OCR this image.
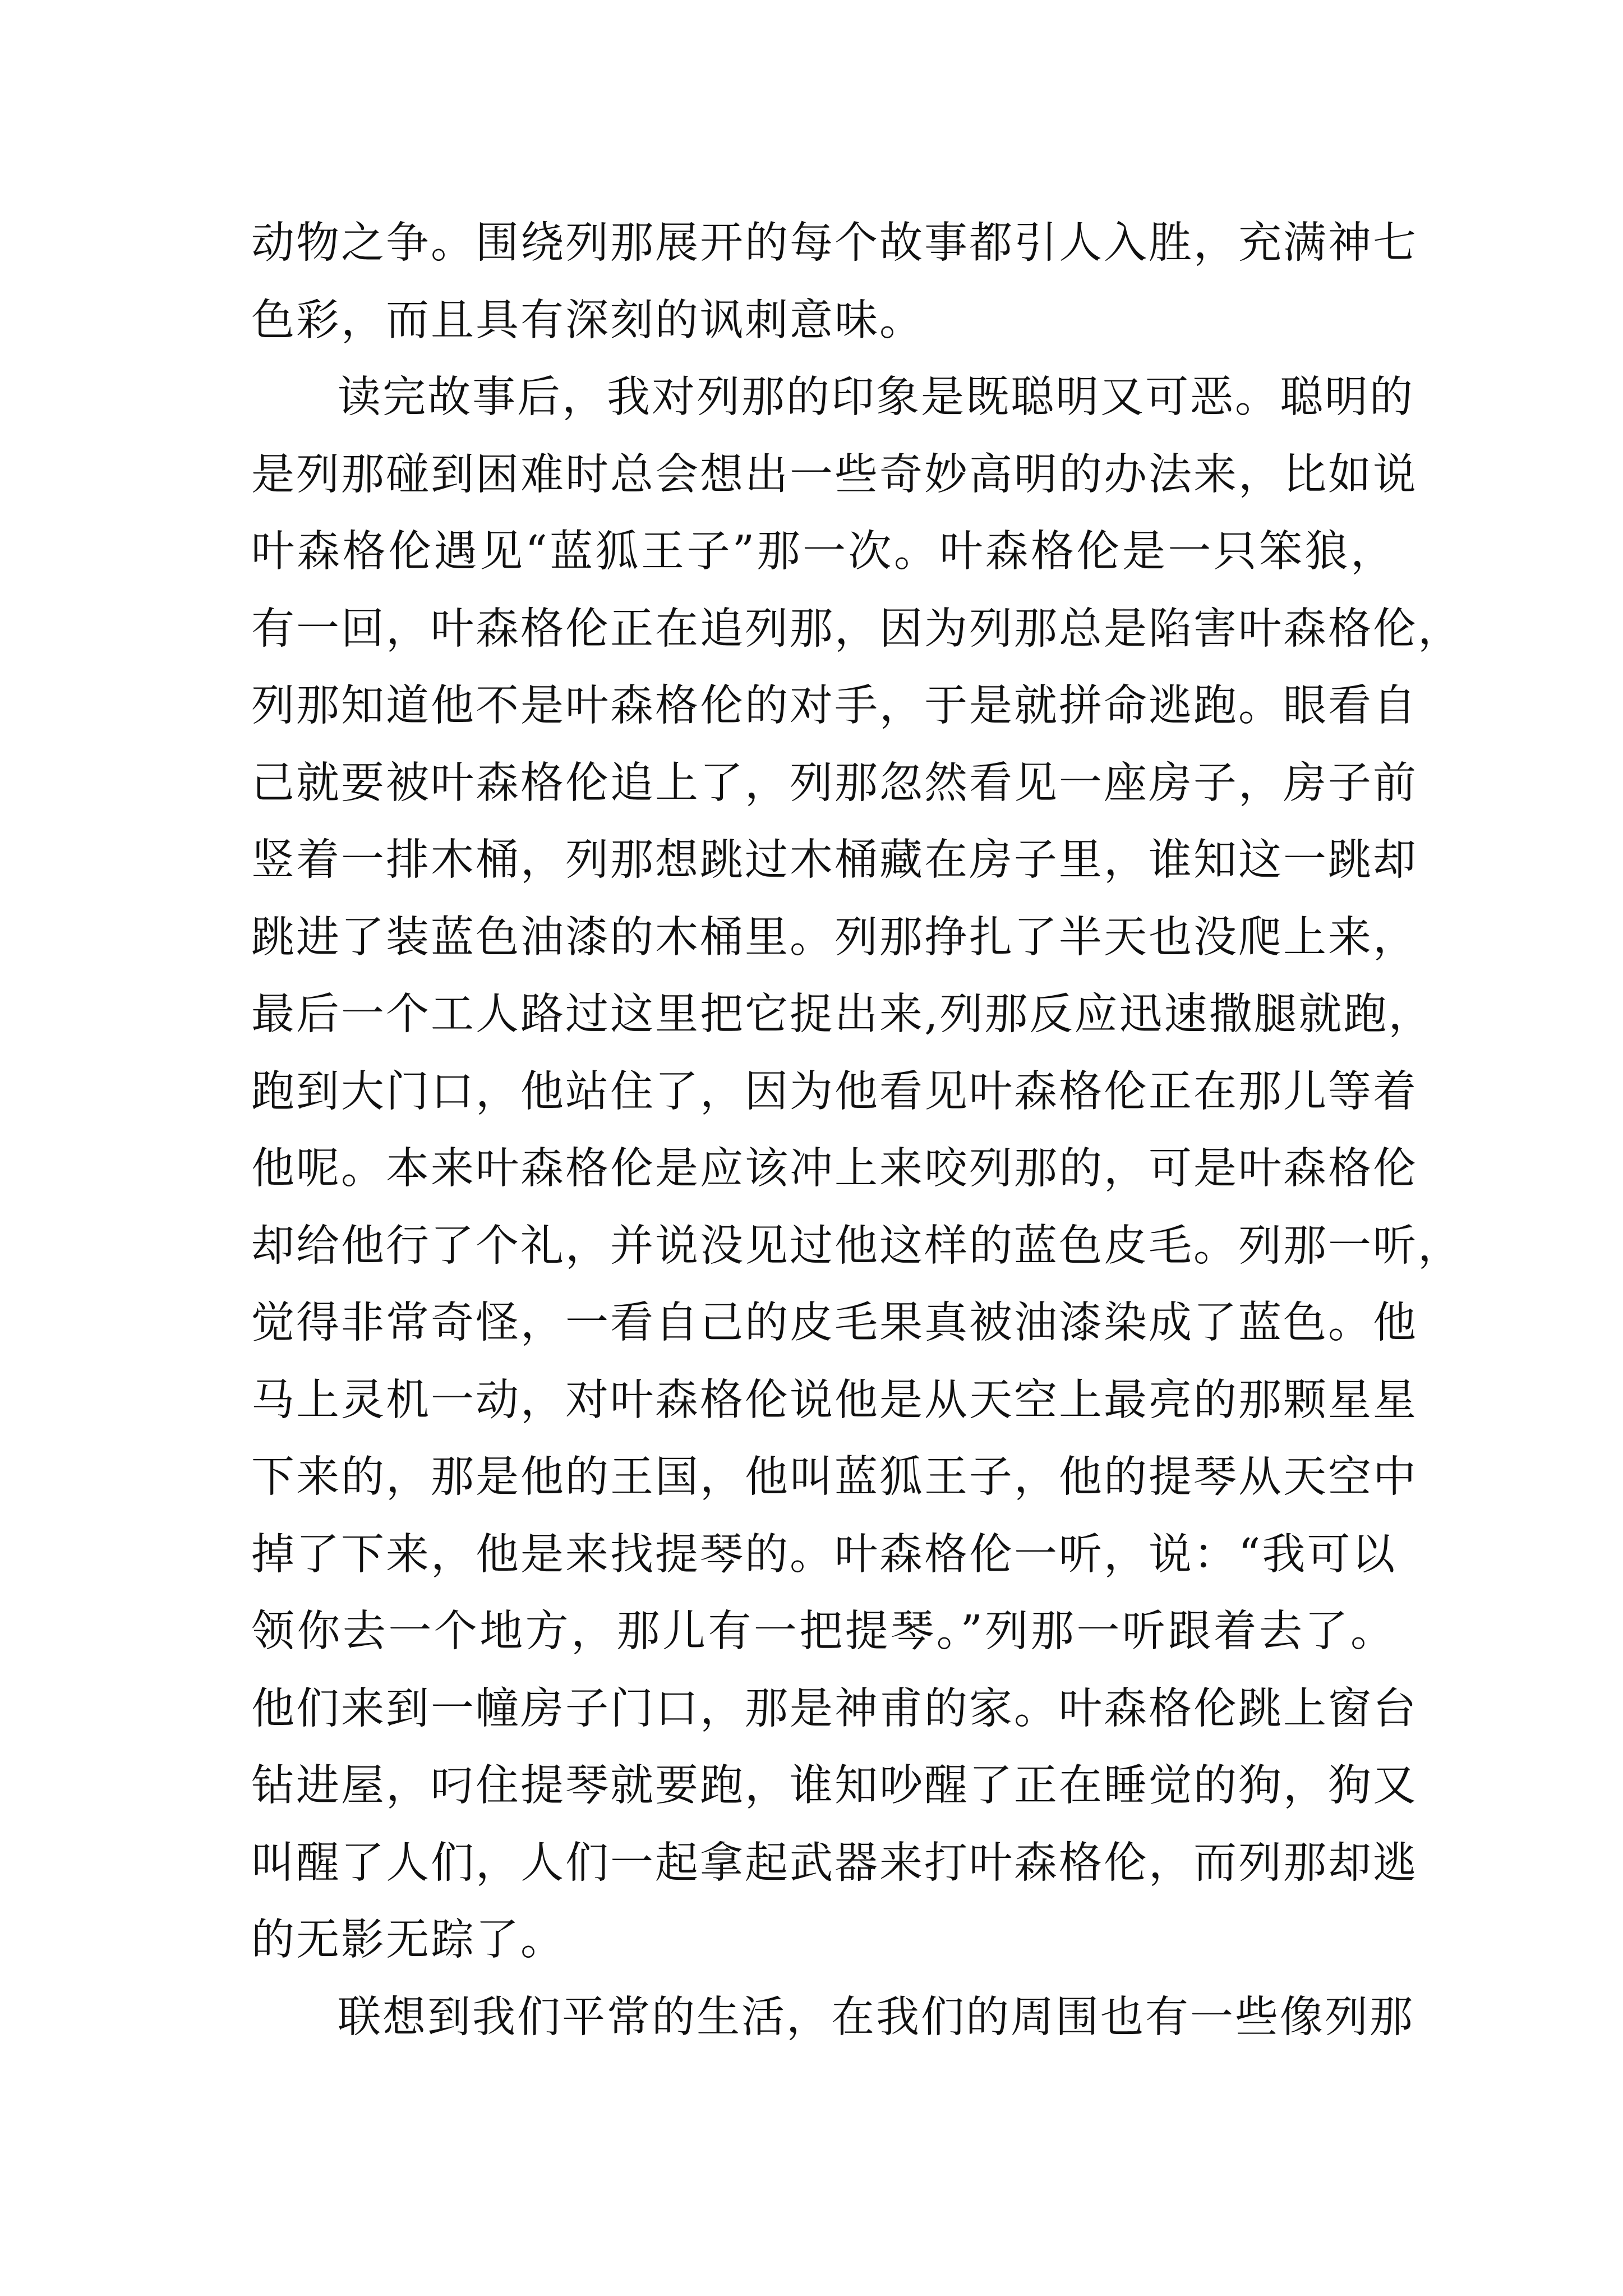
动物之争。围绕列那展开的每个故事都引人入胜，充满神七
色彩，而且具有深刻的讽刺意味。
读完故事后，我对列那的印象是既聪明又可恶。聪明的
是列那碰到困难时总会想出一些奇妙高明的办法来，比如说
叶森格伦遇见“蓝狐王子”那一次。叶森格伦是一只笨狼，
有一回，叶森格伦正在追列那，因为列那总是陷害叶森格伦，
列那知道他不是叶森格伦的对手，于是就拼命逃跑。眼看自
己就要被叶森格伦追上了，列那忽然看见一座房子，房子前
竖着一排木桶，列那想跳过木桶藏在房子里，谁知这一跳却
跳进了装蓝色油漆的木桶里。列那挣扎了半天也没爬上来，
最后一个工人路过这里把它捉出来,列那反应迅速撒腿就跑，
跑到大门口，他站住了，因为他看见叶森格伦正在那儿等着
他呢。本来叶森格伦是应该冲上来咬列那的，可是叶森格伦
却给他行了个礼，并说没见过他这样的蓝色皮毛。列那一听，
觉得非常奇怪，一看自己的皮毛果真被油漆染成了蓝色。他
马上灵机一动，对叶森格伦说他是从天空上最亮的那颗星星
下来的，那是他的王国，他叫蓝狐王子，他的提琴从天空中
掉了下来，他是来找提琴的。叶森格伦一听，说：“我可以
领你去一个地方，那儿有一把提琴。”列那一听跟着去了。
他们来到一幢房子门口，那是神甫的家。叶森格伦跳上窗台
钻进屋，叼住提琴就要跑，谁知吵醒了正在睡觉的狗，狗又
叫醒了人们，人们一起拿起武器来打叶森格伦，而列那却逃
的无影无踪了。
联想到我们平常的生活，在我们的周围也有一些像列那
